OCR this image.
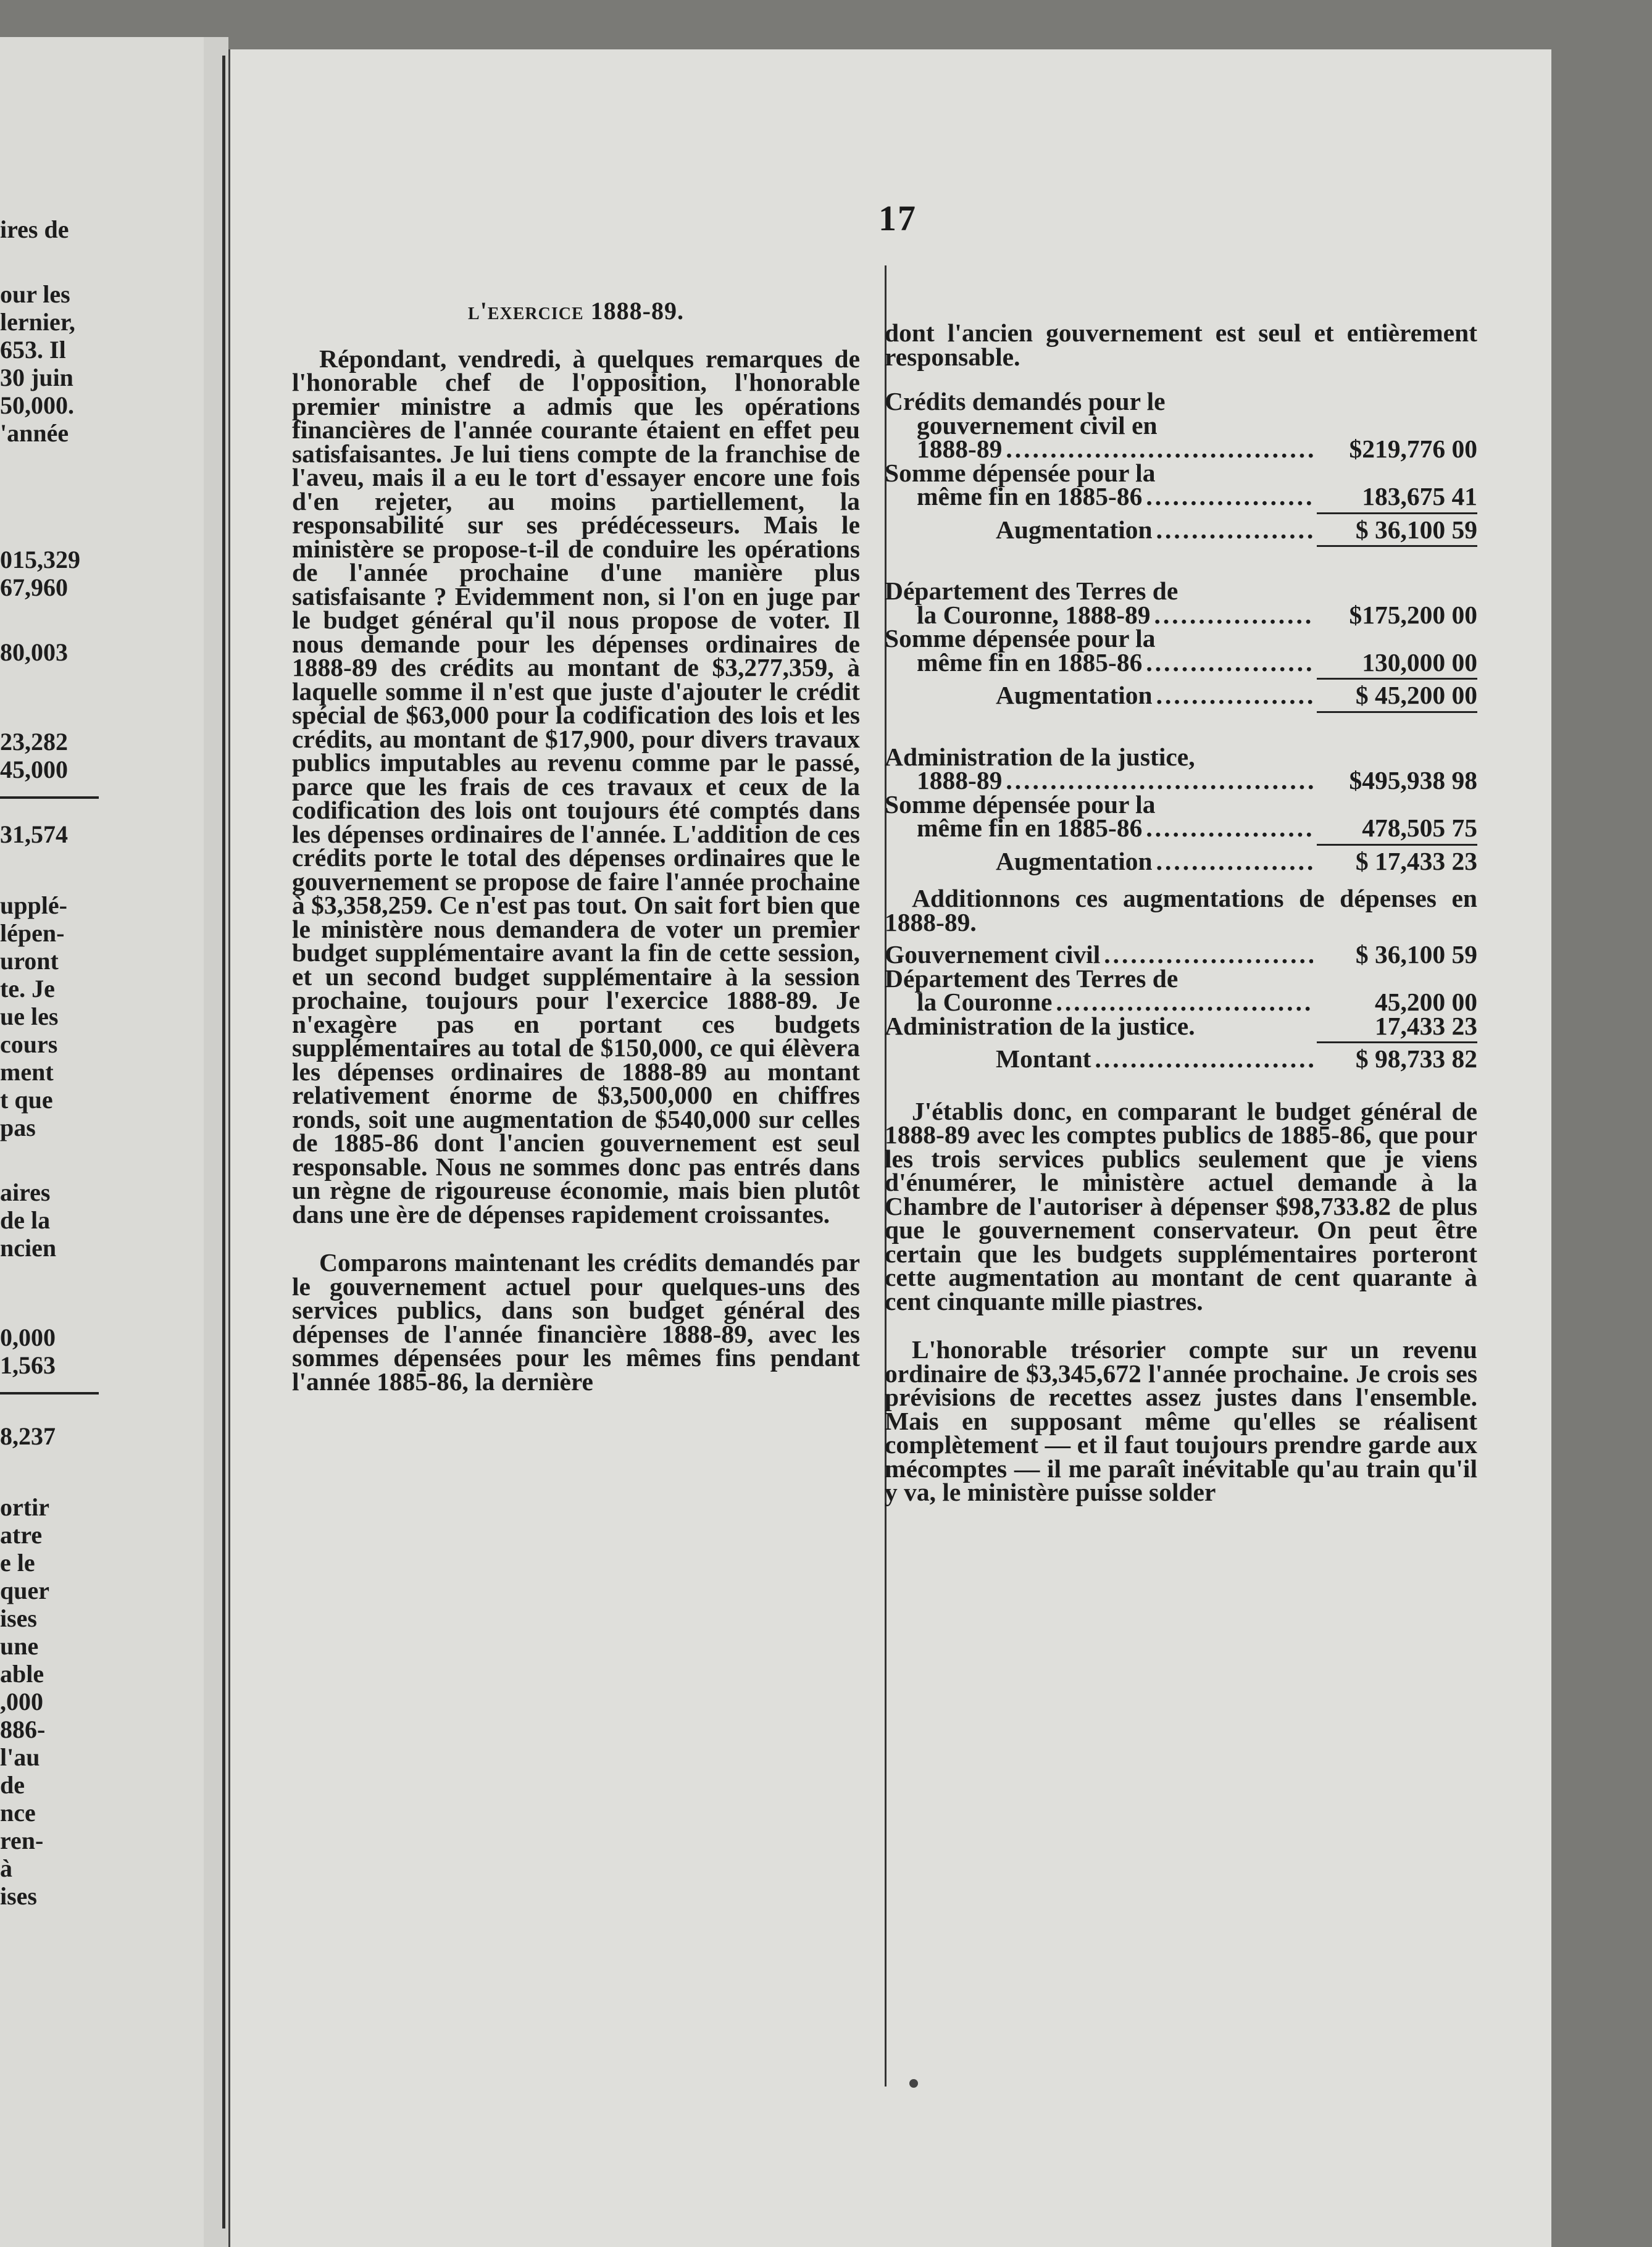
ires de
our les
lernier,
653. Il
30 juin
50,000.
'année
015,329
67,960
80,003
23,282
45,000
31,574
upplé-
lépen-
uront
te. Je
ue les
cours
ment
t que
pas
aires
de la
ncien
0,000
1,563
8,237
ortir
atre
e le
quer
ises
une
able
,000
886-
l'au
de
nce
ren-
à
ises
17
l'exercice 1888-89.

Répondant, vendredi, à quelques remarques de l'honorable chef de l'opposition, l'honorable premier ministre a admis que les opérations financières de l'année courante étaient en effet peu satisfaisantes. Je lui tiens compte de la franchise de l'aveu, mais il a eu le tort d'essayer encore une fois d'en rejeter, au moins partiellement, la responsabilité sur ses prédécesseurs. Mais le ministère se propose-t-il de conduire les opérations de l'année prochaine d'une manière plus satisfaisante ? Evidemment non, si l'on en juge par le budget général qu'il nous propose de voter. Il nous demande pour les dépenses ordinaires de 1888-89 des crédits au montant de $3,277,359, à laquelle somme il n'est que juste d'ajouter le crédit spécial de $63,000 pour la codification des lois et les crédits, au montant de $17,900, pour divers travaux publics imputables au revenu comme par le passé, parce que les frais de ces travaux et ceux de la codification des lois ont toujours été comptés dans les dépenses ordinaires de l'année. L'addition de ces crédits porte le total des dépenses ordinaires que le gouvernement se propose de faire l'année prochaine à $3,358,259. Ce n'est pas tout. On sait fort bien que le ministère nous demandera de voter un premier budget supplémentaire avant la fin de cette session, et un second budget supplémentaire à la session prochaine, toujours pour l'exercice 1888-89. Je n'exagère pas en portant ces budgets supplémentaires au total de $150,000, ce qui élèvera les dépenses ordinaires de 1888-89 au montant relativement énorme de $3,500,000 en chiffres ronds, soit une augmentation de $540,000 sur celles de 1885-86 dont l'ancien gouvernement est seul responsable. Nous ne sommes donc pas entrés dans un règne de rigoureuse économie, mais bien plutôt dans une ère de dépenses rapidement croissantes.

Comparons maintenant les crédits demandés par le gouvernement actuel pour quelques-uns des services publics, dans son budget général des dépenses de l'année financière 1888-89, avec les sommes dépensées pour les mêmes fins pendant l'année 1885-86, la dernière

dont l'ancien gouvernement est seul et entièrement responsable.

Crédits demandés pour le
gouvernement civil en
1888-89 .....	$219,776 00
Somme dépensée pour la
même fin en 1885-86 .....	183,675 41
Augmentation .....	$ 36,100 59
Département des Terres de
la Couronne, 1888-89 .....	$175,200 00
Somme dépensée pour la
même fin en 1885-86 .....	130,000 00
Augmentation .....	$ 45,200 00
Administration de la justice,
1888-89 .....	$495,938 98
Somme dépensée pour la
même fin en 1885-86 .....	478,505 75
Augmentation .....	$ 17,433 23

Additionnons ces augmentations de dépenses en 1888-89.

Gouvernement civil .....	$ 36,100 59
Département des Terres de
la Couronne .....	45,200 00
Administration de la justice.	17,433 23
Montant .....	$ 98,733 82

J'établis donc, en comparant le budget général de 1888-89 avec les comptes publics de 1885-86, que pour les trois services publics seulement que je viens d'énumérer, le ministère actuel demande à la Chambre de l'autoriser à dépenser $98,733.82 de plus que le gouvernement conservateur. On peut être certain que les budgets supplémentaires porteront cette augmentation au montant de cent quarante à cent cinquante mille piastres.

L'honorable trésorier compte sur un revenu ordinaire de $3,345,672 l'année prochaine. Je crois ses prévisions de recettes assez justes dans l'ensemble. Mais en supposant même qu'elles se réalisent complètement — et il faut toujours prendre garde aux mécomptes — il me paraît inévitable qu'au train qu'il y va, le ministère puisse solder
